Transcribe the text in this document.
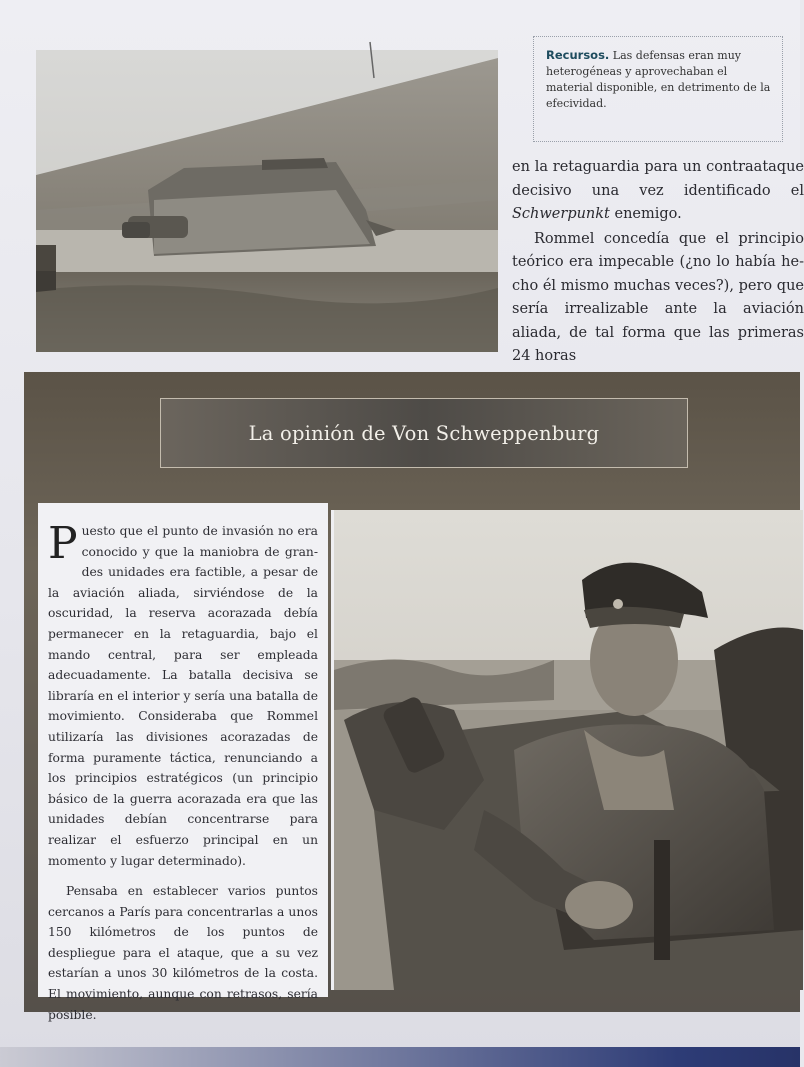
Recursos. Las defensas eran muy heterogéneas y aprovechaban el material disponible, en detrimento de la efecividad.

en la retaguardia para un contraataque decisivo una vez identificado el Schwerpunkt enemigo.

Rommel concedía que el principio teórico era impecable (¿no lo había hecho él mismo muchas veces?), pero que sería irrealizable ante la aviación aliada, de tal forma que las primeras 24 horas

La opinión de Von Schweppenburg

Puesto que el punto de invasión no era conocido y que la maniobra de grandes unidades era factible, a pesar de la aviación aliada, sirviéndose de la oscuridad, la reserva acorazada debía permanecer en la retaguardia, bajo el mando central, para ser empleada adecuadamente. La batalla decisiva se libraría en el interior y sería una batalla de movimiento. Consideraba que Rommel utilizaría las divisiones acorazadas de forma puramente táctica, renunciando a los principios estratégicos (un principio básico de la guerra acorazada era que las unidades debían concentrarse para realizar el esfuerzo principal en un momento y lugar determinado).

Pensaba en establecer varios puntos cercanos a París para concentrarlas a unos 150 kilómetros de los puntos de despliegue para el ataque, que a su vez estarían a unos 30 kilómetros de la costa. El movimiento, aunque con retrasos, sería posible.
